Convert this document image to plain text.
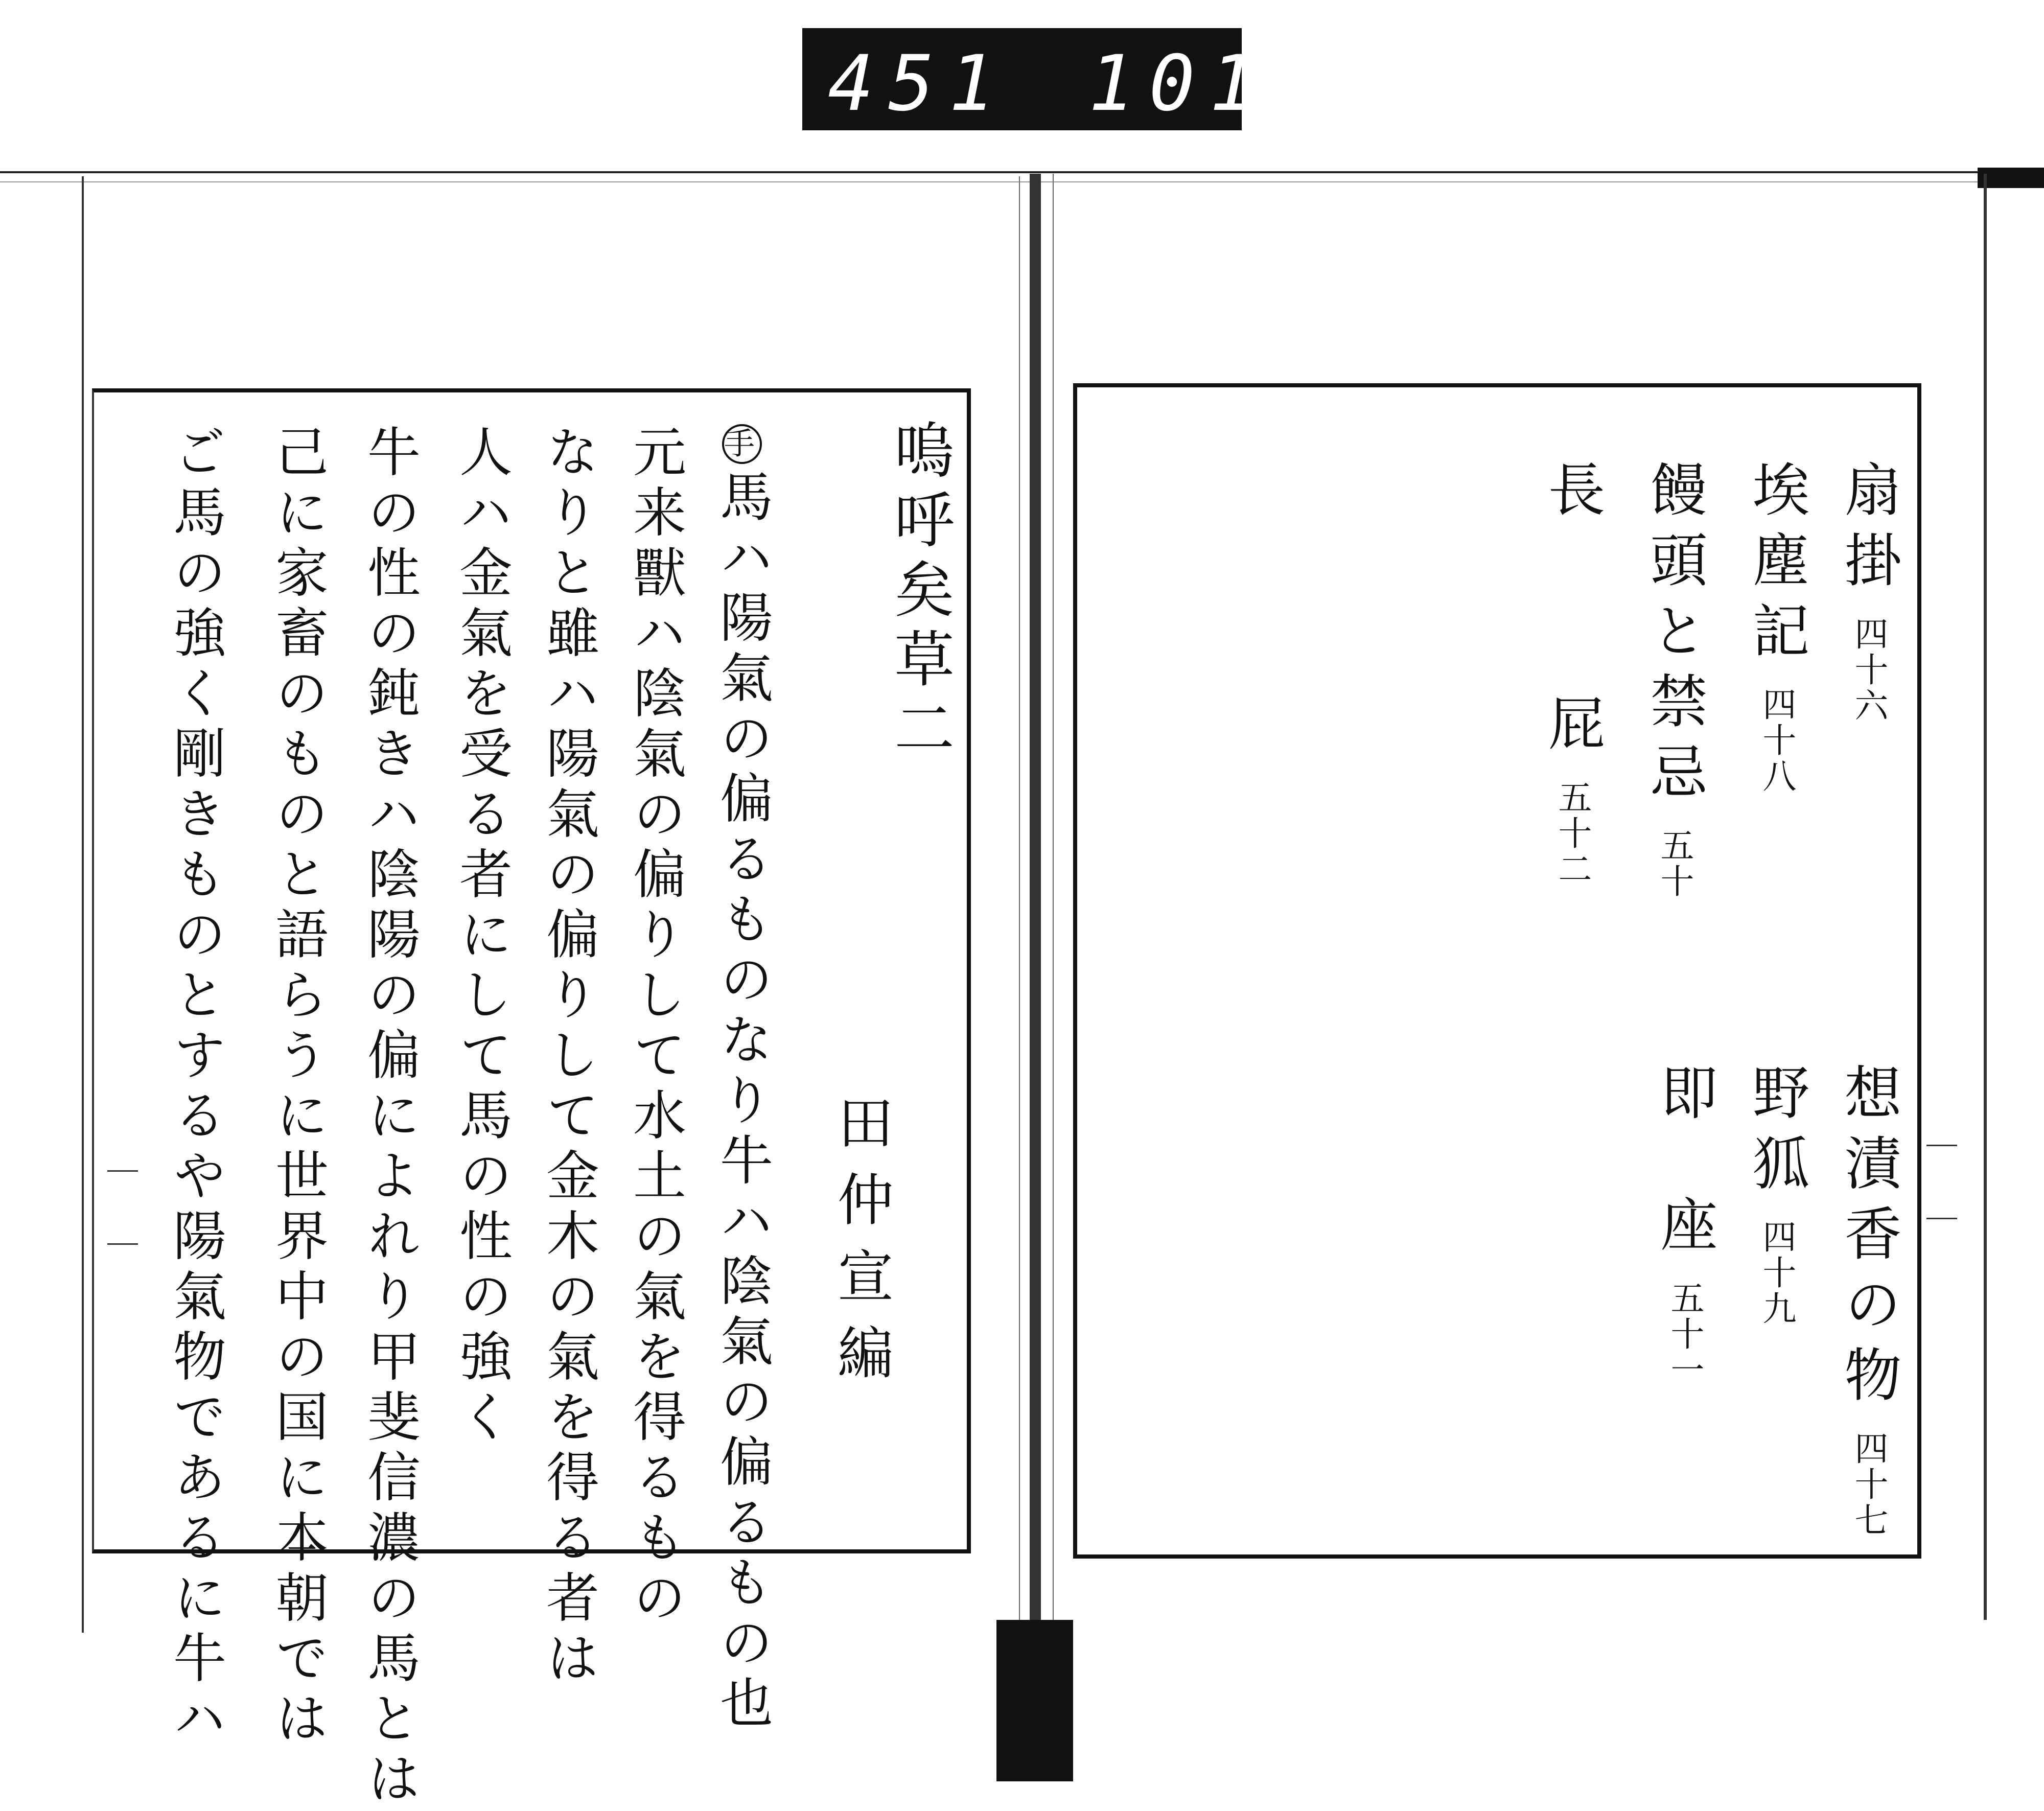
451 101
嗚呼矣草二
田仲宣編
手馬ハ陽氣の偏るものなり牛ハ陰氣の偏るもの也
元来獸ハ陰氣の偏りして水土の氣を得るもの
なりと雖ハ陽氣の偏りして金木の氣を得る者は
人ハ金氣を受る者にして馬の性の強く
牛の性の鈍きハ陰陽の偏によれり甲斐信濃の馬とは
己に家畜のものと語らうに世界中の国に本朝では
ご馬の強く剛きものとするや陽氣物であるに牛ハ	扇掛四十六
埃塵記四十八
饅頭と禁忌五十
長屁五十二
想漬香の物四十七
野狐四十九
即座五十一
